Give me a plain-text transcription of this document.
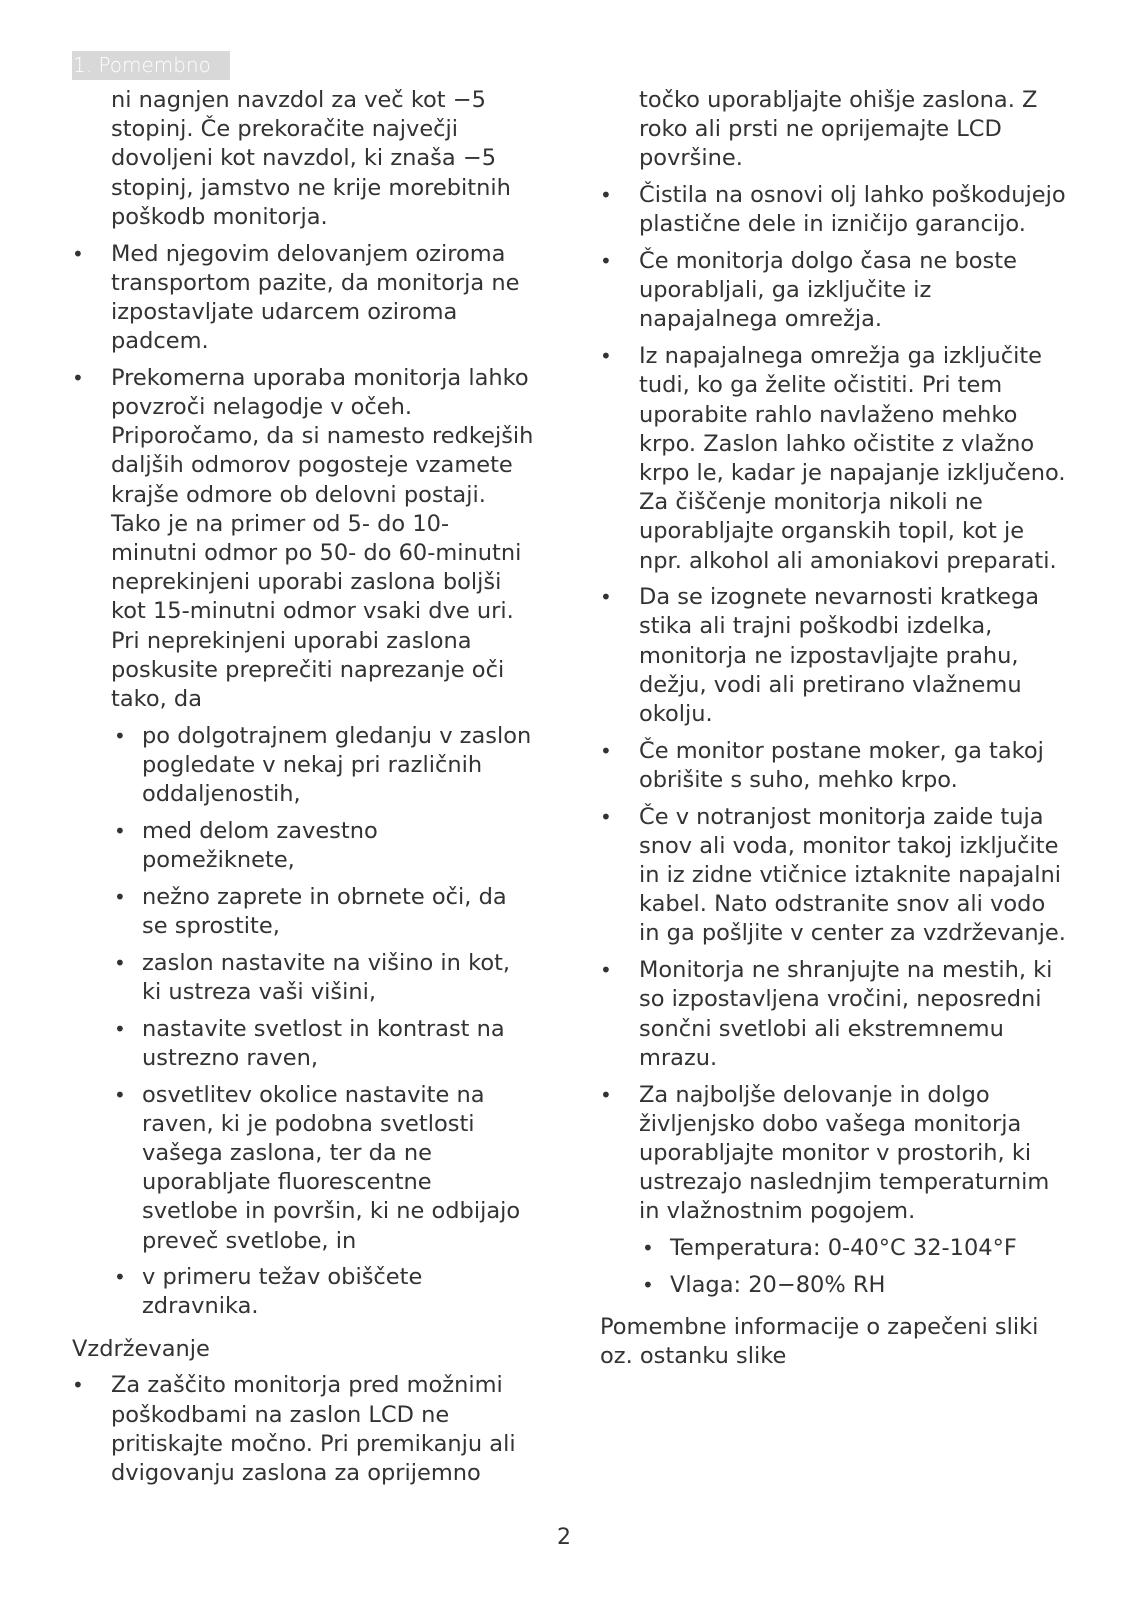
1. Pomembno

ni nagnjen navzdol za več kot −5 stopinj. Če prekoračite največji dovoljeni kot navzdol, ki znaša −5 stopinj, jamstvo ne krije morebitnih poškodb monitorja.

• Med njegovim delovanjem oziroma transportom pazite, da monitorja ne izpostavljate udarcem oziroma padcem.
• Prekomerna uporaba monitorja lahko povzroči nelagodje v očeh. Priporočamo, da si namesto redkejših daljših odmorov pogosteje vzamete krajše odmore ob delovni postaji. Tako je na primer od 5- do 10-minutni odmor po 50- do 60-minutni neprekinjeni uporabi zaslona boljši kot 15-minutni odmor vsaki dve uri. Pri neprekinjeni uporabi zaslona poskusite preprečiti naprezanje oči tako, da
• po dolgotrajnem gledanju v zaslon pogledate v nekaj pri različnih oddaljenostih,
• med delom zavestno pomežiknete,
• nežno zaprete in obrnete oči, da se sprostite,
• zaslon nastavite na višino in kot, ki ustreza vaši višini,
• nastavite svetlost in kontrast na ustrezno raven,
• osvetlitev okolice nastavite na raven, ki je podobna svetlosti vašega zaslona, ter da ne uporabljate fluorescentne svetlobe in površin, ki ne odbijajo preveč svetlobe, in
• v primeru težav obiščete zdravnika.

Vzdrževanje

• Za zaščito monitorja pred možnimi poškodbami na zaslon LCD ne pritiskajte močno. Pri premikanju ali dvigovanju zaslona za oprijemno

točko uporabljajte ohišje zaslona. Z roko ali prsti ne oprijemajte LCD površine.

• Čistila na osnovi olj lahko poškodujejo plastične dele in izničijo garancijo.
• Če monitorja dolgo časa ne boste uporabljali, ga izključite iz napajalnega omrežja.
• Iz napajalnega omrežja ga izključite tudi, ko ga želite očistiti. Pri tem uporabite rahlo navlaženo mehko krpo. Zaslon lahko očistite z vlažno krpo le, kadar je napajanje izključeno. Za čiščenje monitorja nikoli ne uporabljajte organskih topil, kot je npr. alkohol ali amoniakovi preparati.
• Da se izognete nevarnosti kratkega stika ali trajni poškodbi izdelka, monitorja ne izpostavljajte prahu, dežju, vodi ali pretirano vlažnemu okolju.
• Če monitor postane moker, ga takoj obrišite s suho, mehko krpo.
• Če v notranjost monitorja zaide tuja snov ali voda, monitor takoj izključite in iz zidne vtičnice iztaknite napajalni kabel. Nato odstranite snov ali vodo in ga pošljite v center za vzdrževanje.
• Monitorja ne shranjujte na mestih, ki so izpostavljena vročini, neposredni sončni svetlobi ali ekstremnemu mrazu.
• Za najboljše delovanje in dolgo življenjsko dobo vašega monitorja uporabljajte monitor v prostorih, ki ustrezajo naslednjim temperaturnim in vlažnostnim pogojem.
• Temperatura: 0-40°C 32-104°F
• Vlaga: 20−80% RH

Pomembne informacije o zapečeni sliki oz. ostanku slike

2
